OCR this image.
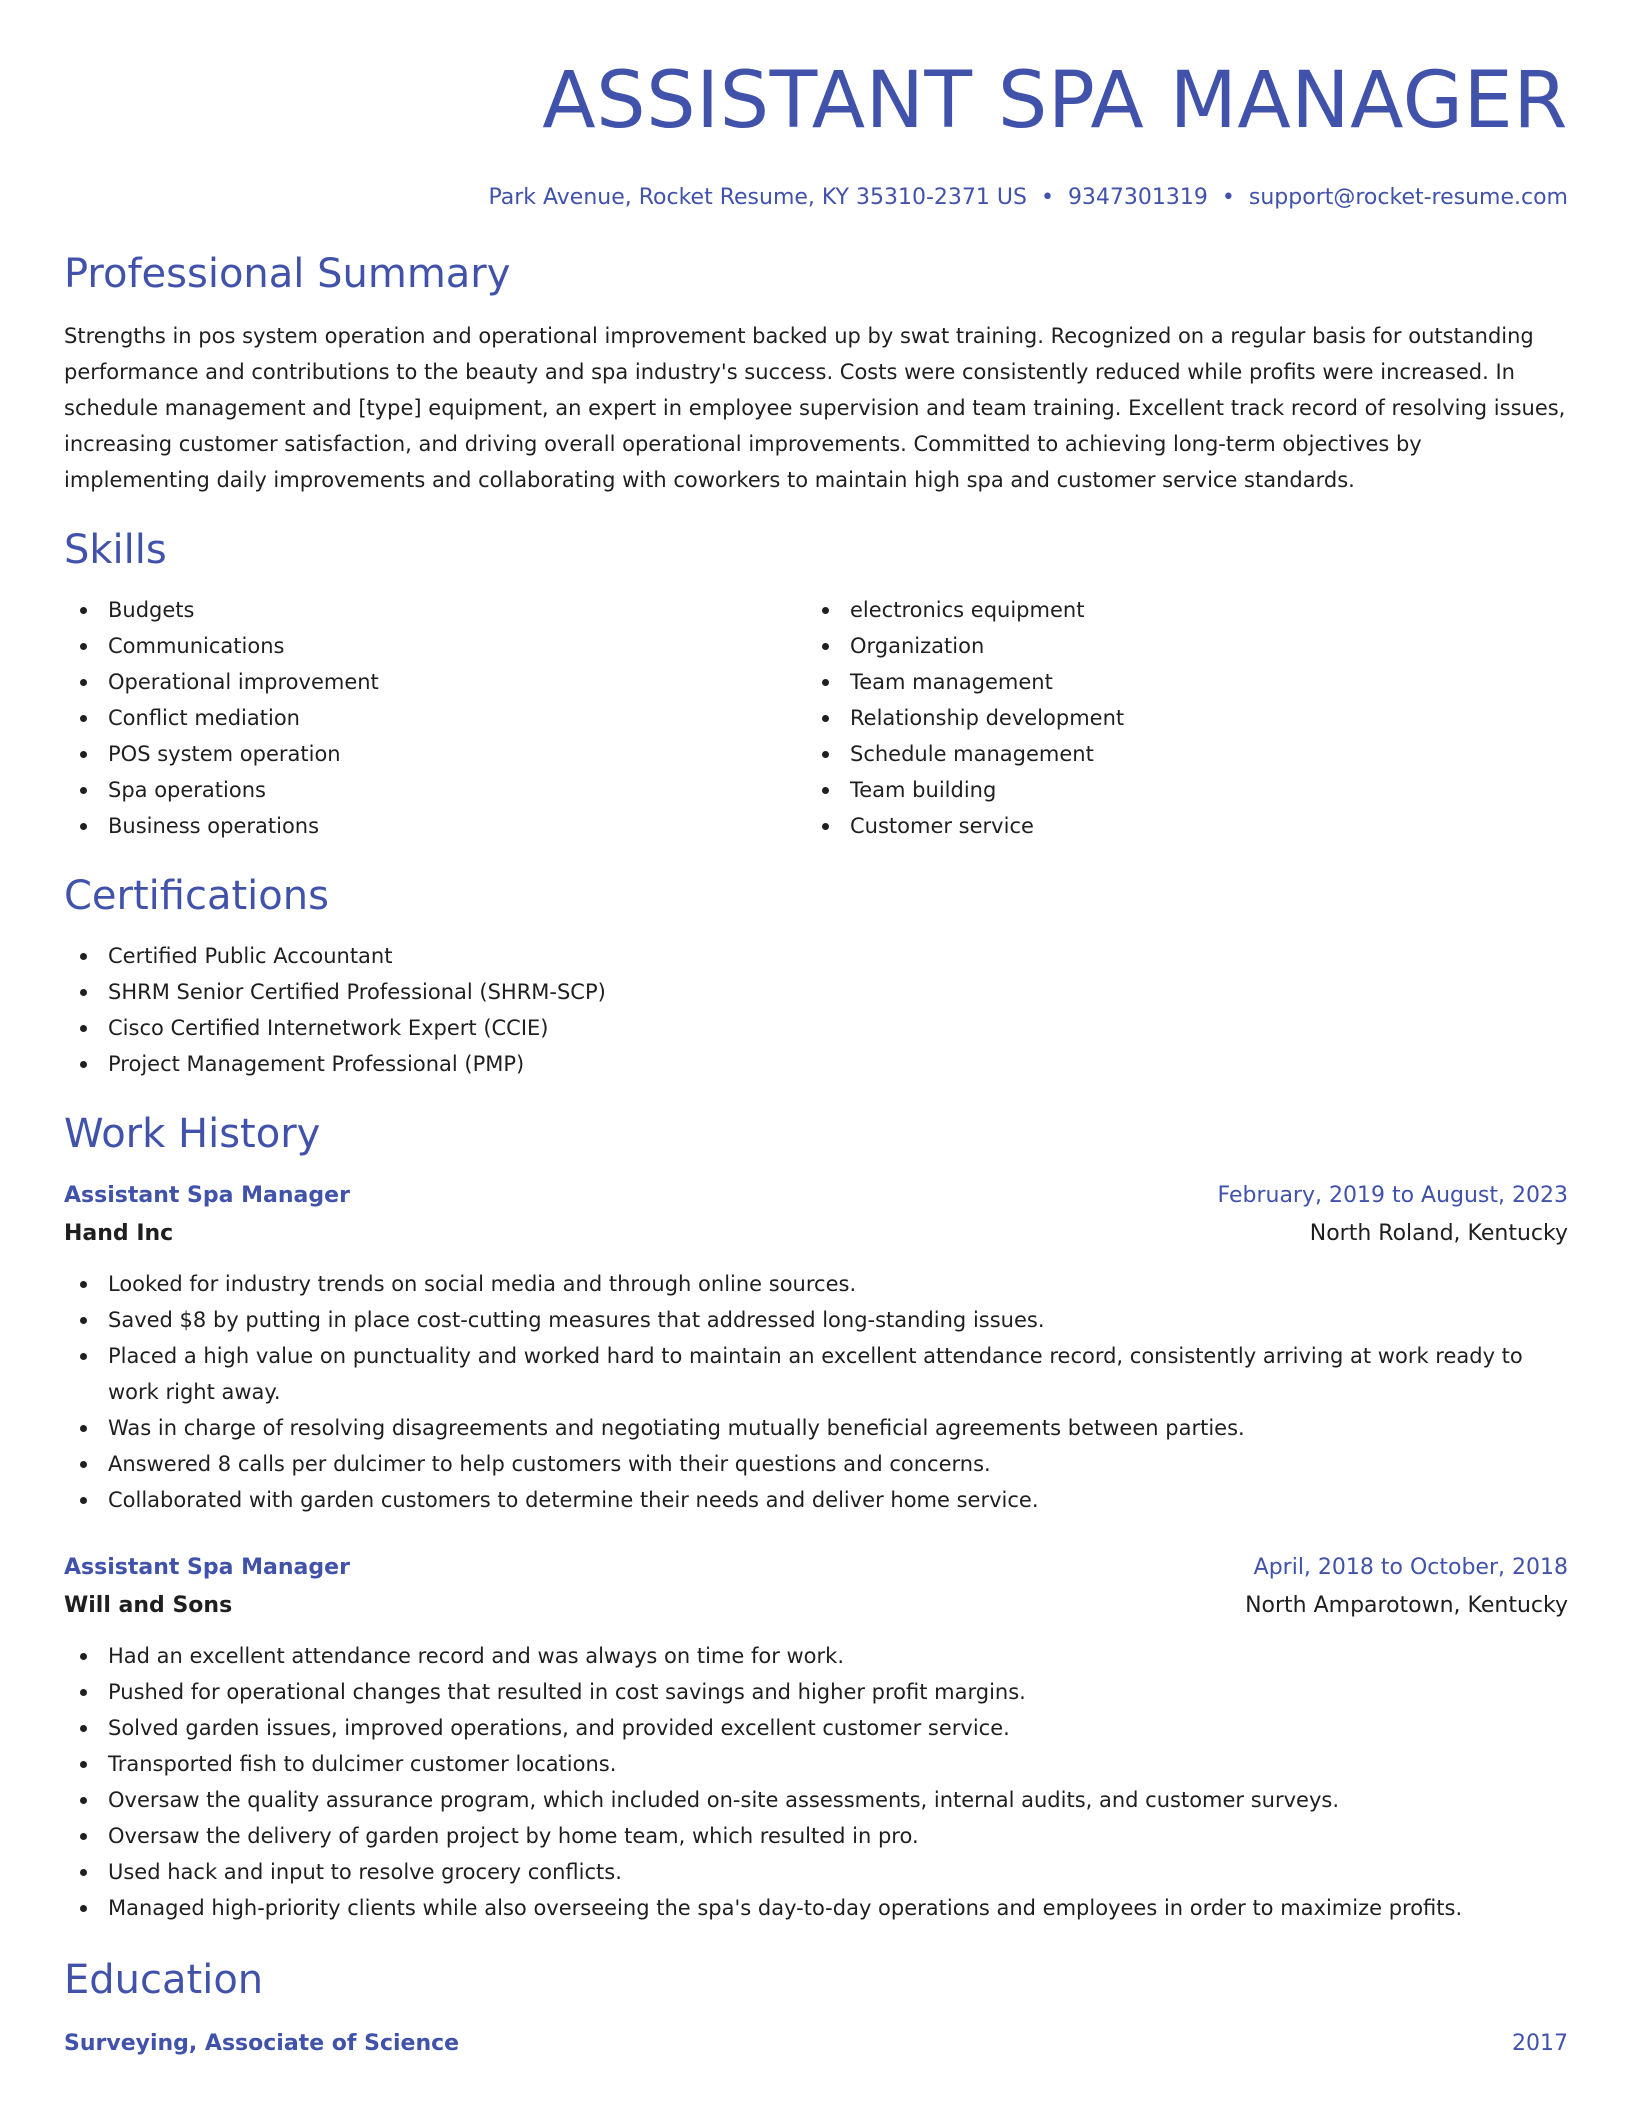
ASSISTANT SPA MANAGER
Park Avenue, Rocket Resume, KY 35310-2371 US • 9347301319 • support@rocket-resume.com
Professional Summary

Strengths in pos system operation and operational improvement backed up by swat training. Recognized on a regular basis for outstanding performance and contributions to the beauty and spa industry's success. Costs were consistently reduced while profits were increased. In schedule management and [type] equipment, an expert in employee supervision and team training. Excellent track record of resolving issues, increasing customer satisfaction, and driving overall operational improvements. Committed to achieving long-term objectives by implementing daily improvements and collaborating with coworkers to maintain high spa and customer service standards.

Skills
Budgets
Communications
Operational improvement
Conflict mediation
POS system operation
Spa operations
Business operations
electronics equipment
Organization
Team management
Relationship development
Schedule management
Team building
Customer service
Certifications
Certified Public Accountant
SHRM Senior Certified Professional (SHRM-SCP)
Cisco Certified Internetwork Expert (CCIE)
Project Management Professional (PMP)
Work History
Assistant Spa Manager	February, 2019 to August, 2023
Hand Inc	North Roland, Kentucky
Looked for industry trends on social media and through online sources.
Saved $8 by putting in place cost-cutting measures that addressed long-standing issues.
Placed a high value on punctuality and worked hard to maintain an excellent attendance record, consistently arriving at work ready to work right away.
Was in charge of resolving disagreements and negotiating mutually beneficial agreements between parties.
Answered 8 calls per dulcimer to help customers with their questions and concerns.
Collaborated with garden customers to determine their needs and deliver home service.
Assistant Spa Manager	April, 2018 to October, 2018
Will and Sons	North Amparotown, Kentucky
Had an excellent attendance record and was always on time for work.
Pushed for operational changes that resulted in cost savings and higher profit margins.
Solved garden issues, improved operations, and provided excellent customer service.
Transported fish to dulcimer customer locations.
Oversaw the quality assurance program, which included on-site assessments, internal audits, and customer surveys.
Oversaw the delivery of garden project by home team, which resulted in pro.
Used hack and input to resolve grocery conflicts.
Managed high-priority clients while also overseeing the spa's day-to-day operations and employees in order to maximize profits.
Education
Surveying, Associate of Science	2017
